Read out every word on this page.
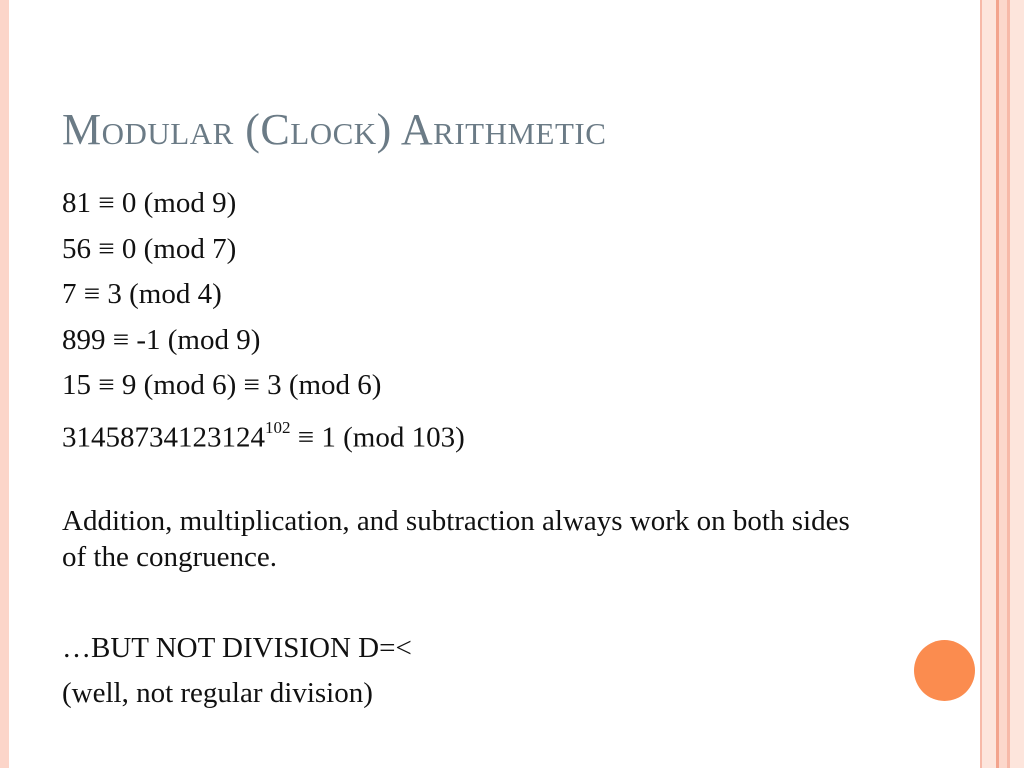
Modular (Clock) Arithmetic
81 ≡ 0 (mod 9)
56 ≡ 0 (mod 7)
7 ≡ 3 (mod 4)
899 ≡ -1 (mod 9)
15 ≡ 9 (mod 6) ≡ 3 (mod 6)
$31458734123124^{102} \equiv 1$ (mod 103)
Addition, multiplication, and subtraction always work on both sides of the congruence.
…BUT NOT DIVISION D=<
(well, not regular division)
